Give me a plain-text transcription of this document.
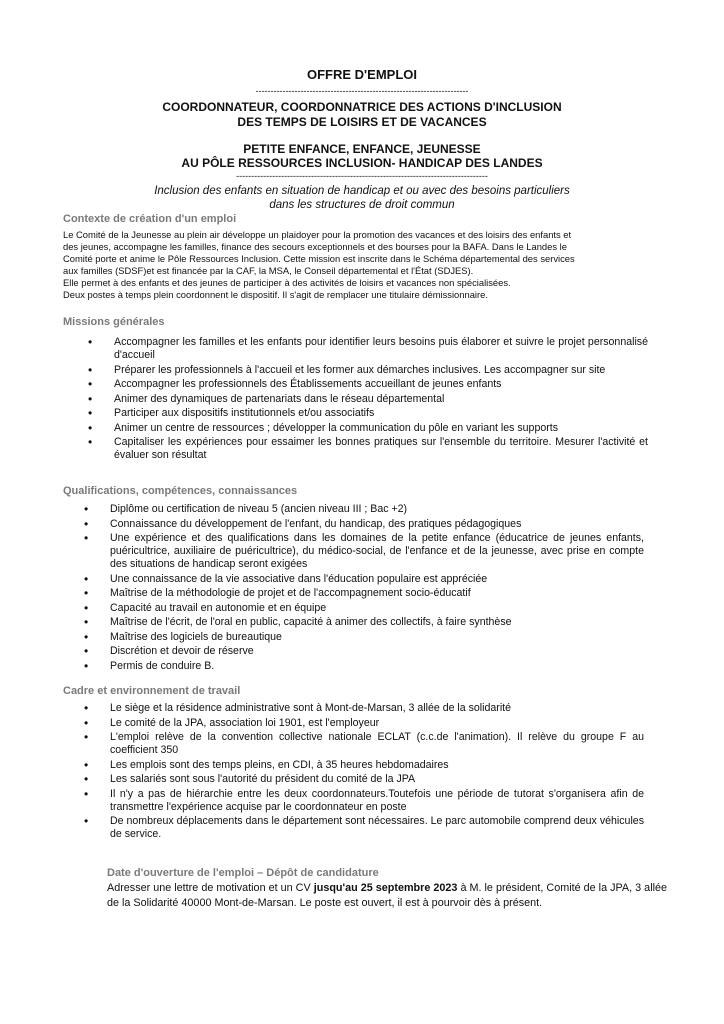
OFFRE D'EMPLOI
-----------------------------------------------------------------------
COORDONNATEUR, COORDONNATRICE DES ACTIONS D'INCLUSION
DES TEMPS DE LOISIRS ET DE VACANCES
PETITE ENFANCE, ENFANCE, JEUNESSE
AU PÔLE RESSOURCES INCLUSION- HANDICAP DES LANDES
------------------------------------------------------------------------------------
Inclusion des enfants en situation de handicap et ou avec des besoins particuliers
dans les structures de droit commun
Contexte de création d'un emploi
Le Comité de la Jeunesse au plein air développe un plaidoyer pour la promotion des vacances et des loisirs des enfants et
des jeunes, accompagne les familles, finance des secours exceptionnels et des bourses pour la BAFA. Dans le Landes le
Comité porte et anime le Pôle Ressources Inclusion. Cette mission est inscrite dans le Schéma départemental des services
aux familles (SDSF)et est financée par la CAF, la MSA, le Conseil départemental et l'État (SDJES).
Elle permet à des enfants et des jeunes de participer à des activités de loisirs et vacances non spécialisées.
Deux postes à temps plein coordonnent le dispositif. Il s'agit de remplacer une titulaire démissionnaire.
Missions générales
• Accompagner les familles et les enfants pour identifier leurs besoins puis élaborer et suivre le projet personnalisé d'accueil
• Préparer les professionnels à l'accueil et les former aux démarches inclusives. Les accompagner sur site
• Accompagner les professionnels des Établissements accueillant de jeunes enfants
• Animer des dynamiques de partenariats dans le réseau départemental
• Participer aux dispositifs institutionnels et/ou associatifs
• Animer un centre de ressources ; développer la communication du pôle en variant les supports
• Capitaliser les expériences pour essaimer les bonnes pratiques sur l'ensemble du territoire. Mesurer l'activité et évaluer son résultat
Qualifications, compétences, connaissances
• Diplôme ou certification de niveau 5 (ancien niveau III ; Bac +2)
• Connaissance du développement de l'enfant, du handicap, des pratiques pédagogiques
• Une expérience et des qualifications dans les domaines de la petite enfance (éducatrice de jeunes enfants, puéricultrice, auxiliaire de puéricultrice), du médico-social, de l'enfance et de la jeunesse, avec prise en compte des situations de handicap seront exigées
• Une connaissance de la vie associative dans l'éducation populaire est appréciée
• Maîtrise de la méthodologie de projet et de l'accompagnement socio-éducatif
• Capacité au travail en autonomie et en équipe
• Maîtrise de l'écrit, de l'oral en public, capacité à animer des collectifs, à faire synthèse
• Maîtrise des logiciels de bureautique
• Discrétion et devoir de réserve
• Permis de conduire B.
Cadre et environnement de travail
• Le siège et la résidence administrative sont à Mont-de-Marsan, 3 allée de la solidarité
• Le comité de la JPA, association loi 1901, est l'employeur
• L'emploi relève de la convention collective nationale ECLAT (c.c.de l'animation). Il relève du groupe F au coefficient 350
• Les emplois sont des temps pleins, en CDI, à 35 heures hebdomadaires
• Les salariés sont sous l'autorité du président du comité de la JPA
• Il n'y a pas de hiérarchie entre les deux coordonnateurs.Toutefois une période de tutorat s'organisera afin de transmettre l'expérience acquise par le coordonnateur en poste
• De nombreux déplacements dans le département sont nécessaires. Le parc automobile comprend deux véhicules de service.
Date d'ouverture de l'emploi – Dépôt de candidature
Adresser une lettre de motivation et un CV jusqu'au 25 septembre 2023 à M. le président, Comité de la JPA, 3 allée de la Solidarité 40000 Mont-de-Marsan. Le poste est ouvert, il est à pourvoir dès à présent.
